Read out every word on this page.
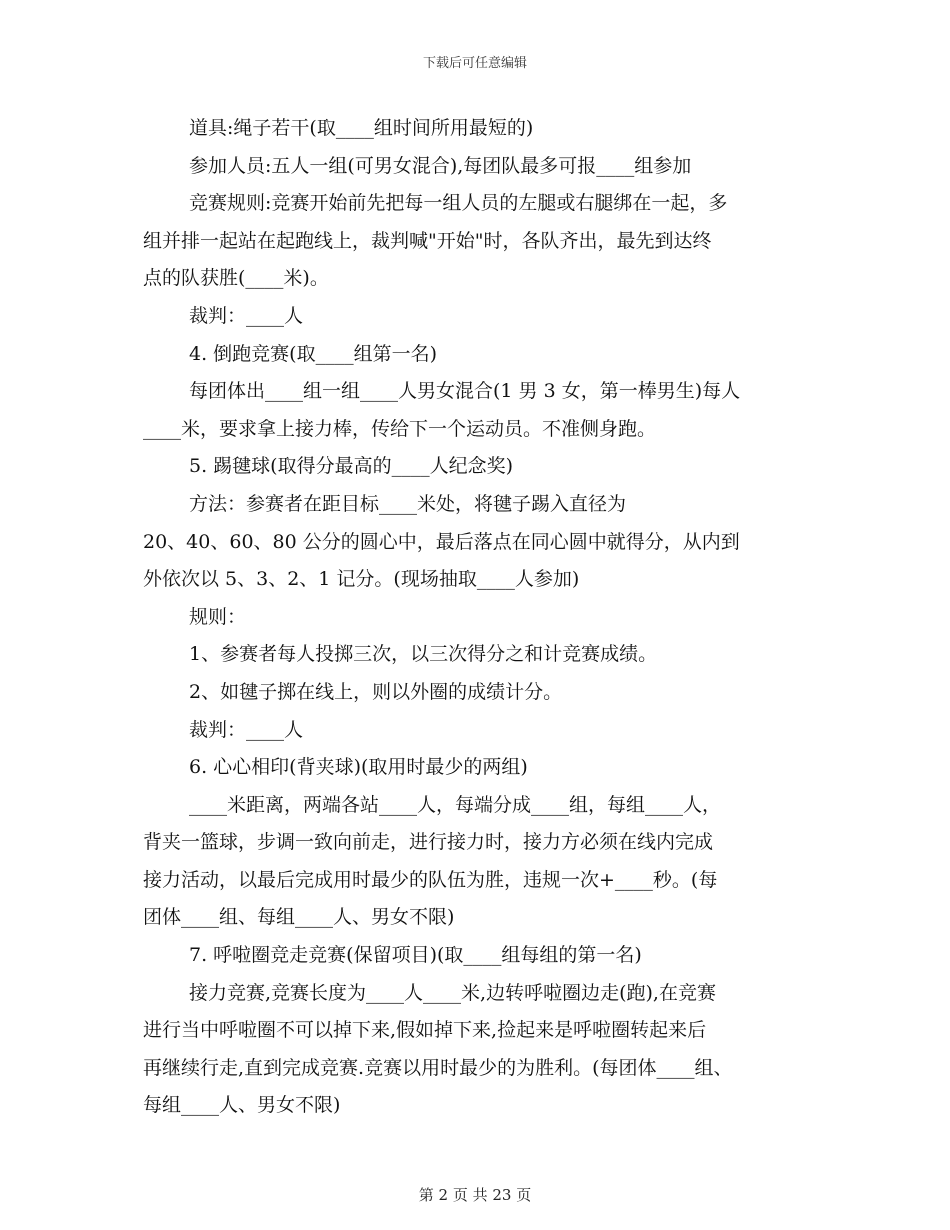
下载后可任意编辑
道具:绳子若干(取____组时间所用最短的)
参加人员:五人一组(可男女混合),每团队最多可报____组参加
竞赛规则:竞赛开始前先把每一组人员的左腿或右腿绑在一起，多
组并排一起站在起跑线上，裁判喊"开始"时，各队齐出，最先到达终
点的队获胜(____米)。
裁判：____人
4. 倒跑竞赛(取____组第一名)
每团体出____组一组____人男女混合(1 男 3 女，第一棒男生)每人
____米，要求拿上接力棒，传给下一个运动员。不准侧身跑。
5. 踢毽球(取得分最高的____人纪念奖)
方法：参赛者在距目标____米处，将毽子踢入直径为
20、40、60、80 公分的圆心中，最后落点在同心圆中就得分，从内到
外依次以 5、3、2、1 记分。(现场抽取____人参加)
规则：
1、参赛者每人投掷三次，以三次得分之和计竞赛成绩。
2、如毽子掷在线上，则以外圈的成绩计分。
裁判：____人
6. 心心相印(背夹球)(取用时最少的两组)
____米距离，两端各站____人，每端分成____组，每组____人，
背夹一篮球，步调一致向前走，进行接力时，接力方必须在线内完成
接力活动，以最后完成用时最少的队伍为胜，违规一次+____秒。(每
团体____组、每组____人、男女不限)
7. 呼啦圈竞走竞赛(保留项目)(取____组每组的第一名)
接力竞赛,竞赛长度为____人____米,边转呼啦圈边走(跑),在竞赛
进行当中呼啦圈不可以掉下来,假如掉下来,捡起来是呼啦圈转起来后
再继续行走,直到完成竞赛.竞赛以用时最少的为胜利。(每团体____组、
每组____人、男女不限)
第 2 页 共 23 页
